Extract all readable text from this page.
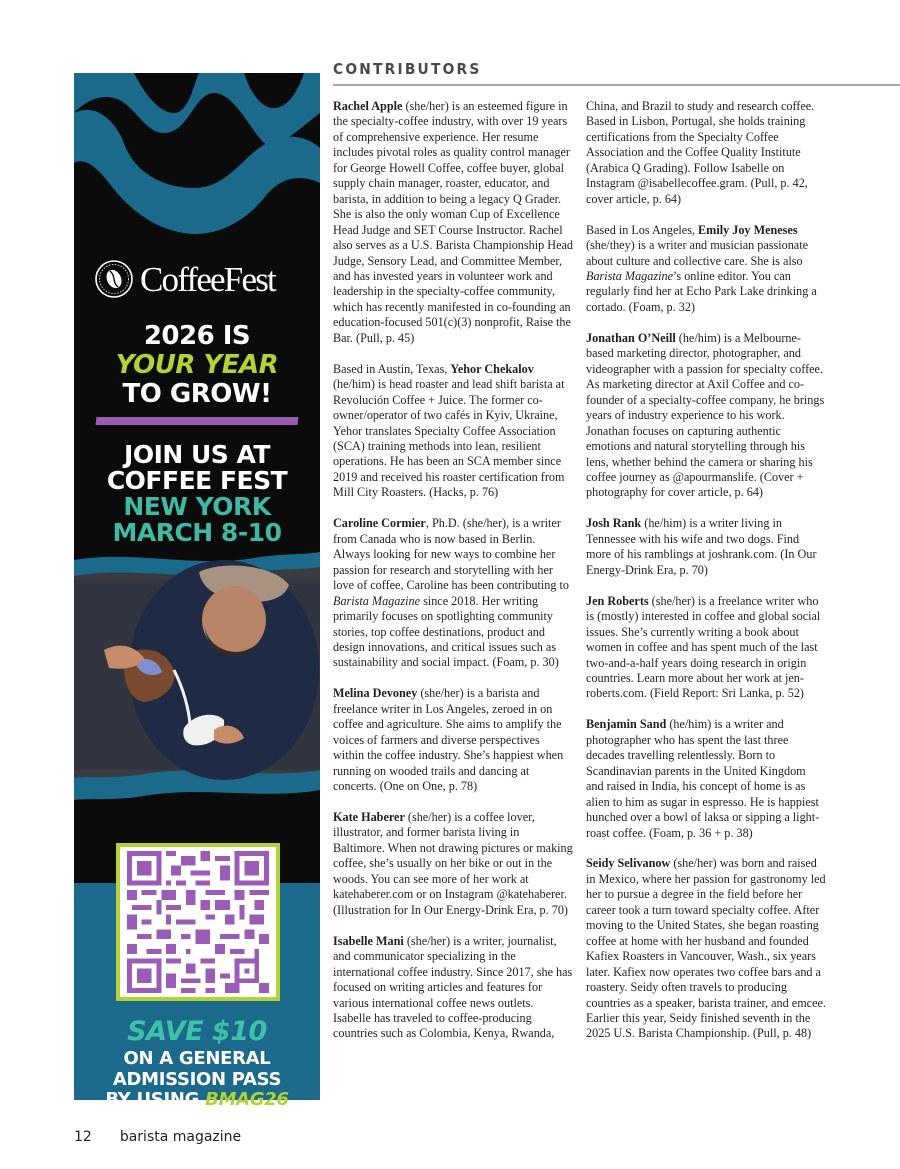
CoffeeFest
2026 IS
YOUR YEAR
TO GROW!
JOIN US AT
COFFEE FEST
NEW YORK
MARCH 8-10
SAVE $10
ON A GENERAL
ADMISSION PASS
BY USING BMAG26
AT CHECKOUT
CONTRIBUTORS

Rachel Apple (she/her) is an esteemed figure in the specialty-coffee industry, with over 19 years of comprehensive experience. Her resume includes pivotal roles as quality control manager for George Howell Coffee, coffee buyer, global supply chain manager, roaster, educator, and barista, in addition to being a legacy Q Grader. She is also the only woman Cup of Excellence Head Judge and SET Course Instructor. Rachel also serves as a U.S. Barista Championship Head Judge, Sensory Lead, and Committee Member, and has invested years in volunteer work and leadership in the specialty-coffee community, which has recently manifested in co-founding an education-focused 501(c)(3) nonprofit, Raise the Bar. (Pull, p. 45)

Based in Austin, Texas, Yehor Chekalov (he/him) is head roaster and lead shift barista at Revolución Coffee + Juice. The former co-owner/operator of two cafés in Kyiv, Ukraine, Yehor translates Specialty Coffee Association (SCA) training methods into lean, resilient operations. He has been an SCA member since 2019 and received his roaster certification from Mill City Roasters. (Hacks, p. 76)

Caroline Cormier, Ph.D. (she/her), is a writer from Canada who is now based in Berlin. Always looking for new ways to combine her passion for research and storytelling with her love of coffee, Caroline has been contributing to Barista Magazine since 2018. Her writing primarily focuses on spotlighting community stories, top coffee destinations, product and design innovations, and critical issues such as sustainability and social impact. (Foam, p. 30)

Melina Devoney (she/her) is a barista and freelance writer in Los Angeles, zeroed in on coffee and agriculture. She aims to amplify the voices of farmers and diverse perspectives within the coffee industry. She’s happiest when running on wooded trails and dancing at concerts. (One on One, p. 78)

Kate Haberer (she/her) is a coffee lover, illustrator, and former barista living in Baltimore. When not drawing pictures or making coffee, she’s usually on her bike or out in the woods. You can see more of her work at katehaberer.com or on Instagram @katehaberer. (Illustration for In Our Energy-Drink Era, p. 70)

Isabelle Mani (she/her) is a writer, journalist, and communicator specializing in the international coffee industry. Since 2017, she has focused on writing articles and features for various international coffee news outlets. Isabelle has traveled to coffee-producing countries such as Colombia, Kenya, Rwanda,

China, and Brazil to study and research coffee. Based in Lisbon, Portugal, she holds training certifications from the Specialty Coffee Association and the Coffee Quality Institute (Arabica Q Grading). Follow Isabelle on Instagram @isabellecoffee.gram. (Pull, p. 42, cover article, p. 64)

Based in Los Angeles, Emily Joy Meneses (she/they) is a writer and musician passionate about culture and collective care. She is also Barista Magazine’s online editor. You can regularly find her at Echo Park Lake drinking a cortado. (Foam, p. 32)

Jonathan O’Neill (he/him) is a Melbourne-based marketing director, photographer, and videographer with a passion for specialty coffee. As marketing director at Axil Coffee and co-founder of a specialty-coffee company, he brings years of industry experience to his work. Jonathan focuses on capturing authentic emotions and natural storytelling through his lens, whether behind the camera or sharing his coffee journey as @apourmanslife. (Cover + photography for cover article, p. 64)

Josh Rank (he/him) is a writer living in Tennessee with his wife and two dogs. Find more of his ramblings at joshrank.com. (In Our Energy-Drink Era, p. 70)

Jen Roberts (she/her) is a freelance writer who is (mostly) interested in coffee and global social issues. She’s currently writing a book about women in coffee and has spent much of the last two-and-a-half years doing research in origin countries. Learn more about her work at jen-roberts.com. (Field Report: Sri Lanka, p. 52)

Benjamin Sand (he/him) is a writer and photographer who has spent the last three decades travelling relentlessly. Born to Scandinavian parents in the United Kingdom and raised in India, his concept of home is as alien to him as sugar in espresso. He is happiest hunched over a bowl of laksa or sipping a light-roast coffee. (Foam, p. 36 + p. 38)

Seidy Selivanow (she/her) was born and raised in Mexico, where her passion for gastronomy led her to pursue a degree in the field before her career took a turn toward specialty coffee. After moving to the United States, she began roasting coffee at home with her husband and founded Kafiex Roasters in Vancouver, Wash., six years later. Kafiex now operates two coffee bars and a roastery. Seidy often travels to producing countries as a speaker, barista trainer, and emcee. Earlier this year, Seidy finished seventh in the 2025 U.S. Barista Championship. (Pull, p. 48)

12 barista magazine
